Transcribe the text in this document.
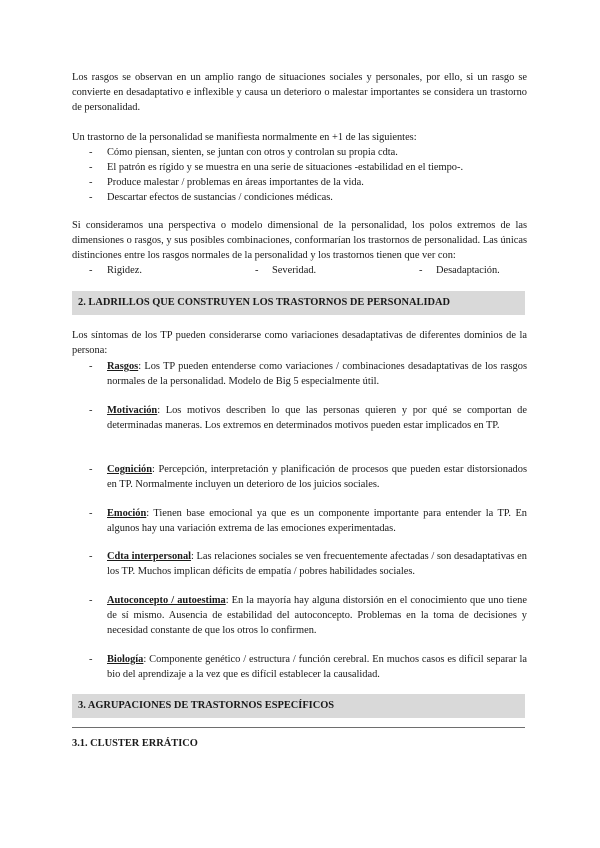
Los rasgos se observan en un amplio rango de situaciones sociales y personales, por ello, si un rasgo se convierte en desadaptativo e inflexible y causa un deterioro o malestar importantes se considera un trastorno de personalidad.

Un trastorno de la personalidad se manifiesta normalmente en +1 de las siguientes:

- Cómo piensan, sienten, se juntan con otros y controlan su propia cdta.
- El patrón es rígido y se muestra en una serie de situaciones -estabilidad en el tiempo-.
- Produce malestar / problemas en áreas importantes de la vida.
- Descartar efectos de sustancias / condiciones médicas.

Si consideramos una perspectiva o modelo dimensional de la personalidad, los polos extremos de las dimensiones o rasgos, y sus posibles combinaciones, conformarían los trastornos de personalidad. Las únicas distinciones entre los rasgos normales de la personalidad y los trastornos tienen que ver con:

- Rigidez.	- Severidad.	- Desadaptación.
2. LADRILLOS QUE CONSTRUYEN LOS TRASTORNOS DE PERSONALIDAD

Los síntomas de los TP pueden considerarse como variaciones desadaptativas de diferentes dominios de la persona:

- Rasgos: Los TP pueden entenderse como variaciones / combinaciones desadaptativas de los rasgos normales de la personalidad. Modelo de Big 5 especialmente útil.

- Motivación: Los motivos describen lo que las personas quieren y por qué se comportan de determinadas maneras. Los extremos en determinados motivos pueden estar implicados en TP.

- Cognición: Percepción, interpretación y planificación de procesos que pueden estar distorsionados en TP. Normalmente incluyen un deterioro de los juicios sociales.

- Emoción: Tienen base emocional ya que es un componente importante para entender la TP. En algunos hay una variación extrema de las emociones experimentadas.

- Cdta interpersonal: Las relaciones sociales se ven frecuentemente afectadas / son desadaptativas en los TP. Muchos implican déficits de empatía / pobres habilidades sociales.

- Autoconcepto / autoestima: En la mayoría hay alguna distorsión en el conocimiento que uno tiene de sí mismo. Ausencia de estabilidad del autoconcepto. Problemas en la toma de decisiones y necesidad constante de que los otros lo confirmen.

- Biología: Componente genético / estructura / función cerebral. En muchos casos es difícil separar la bio del aprendizaje a la vez que es difícil establecer la causalidad.

3. AGRUPACIONES DE TRASTORNOS ESPECÍFICOS
3.1. CLUSTER ERRÁTICO
